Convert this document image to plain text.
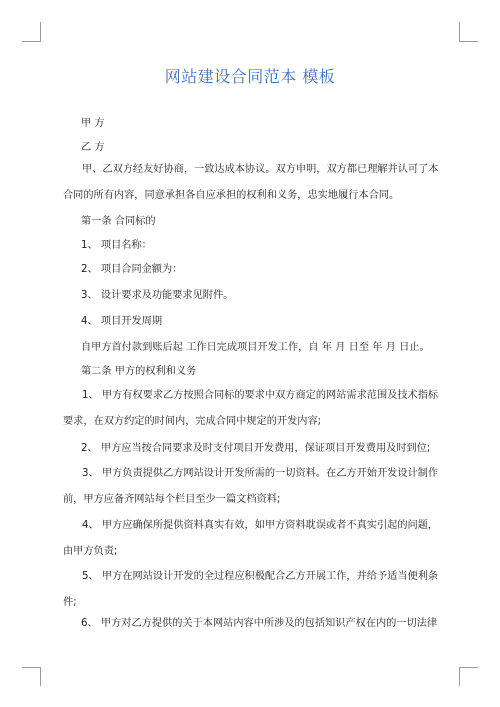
网站建设合同范本 模板
甲 方
乙 方
甲、乙双方经友好协商，一致达成本协议。双方申明，双方都已理解并认可了本合同的所有内容，同意承担各自应承担的权利和义务，忠实地履行本合同。
第一条 合同标的
1、 项目名称：
2、 项目合同金额为：
3、 设计要求及功能要求见附件。
4、 项目开发周期
自甲方首付款到账后起 工作日完成项目开发工作，自 年 月 日至 年 月 日止。
第二条 甲方的权利和义务
1、 甲方有权要求乙方按照合同标的要求中双方商定的网站需求范围及技术指标要求，在双方约定的时间内，完成合同中规定的开发内容;
2、 甲方应当按合同要求及时支付项目开发费用，保证项目开发费用及时到位;
3、 甲方负责提供乙方网站设计开发所需的一切资料。在乙方开始开发设计制作前，甲方应备齐网站每个栏目至少一篇文档资料;
4、 甲方应确保所提供资料真实有效，如甲方资料耽误或者不真实引起的问题，由甲方负责;
5、 甲方在网站设计开发的全过程应积极配合乙方开展工作，并给予适当便利条件;
6、 甲方对乙方提供的关于本网站内容中所涉及的包括知识产权在内的一切法律
